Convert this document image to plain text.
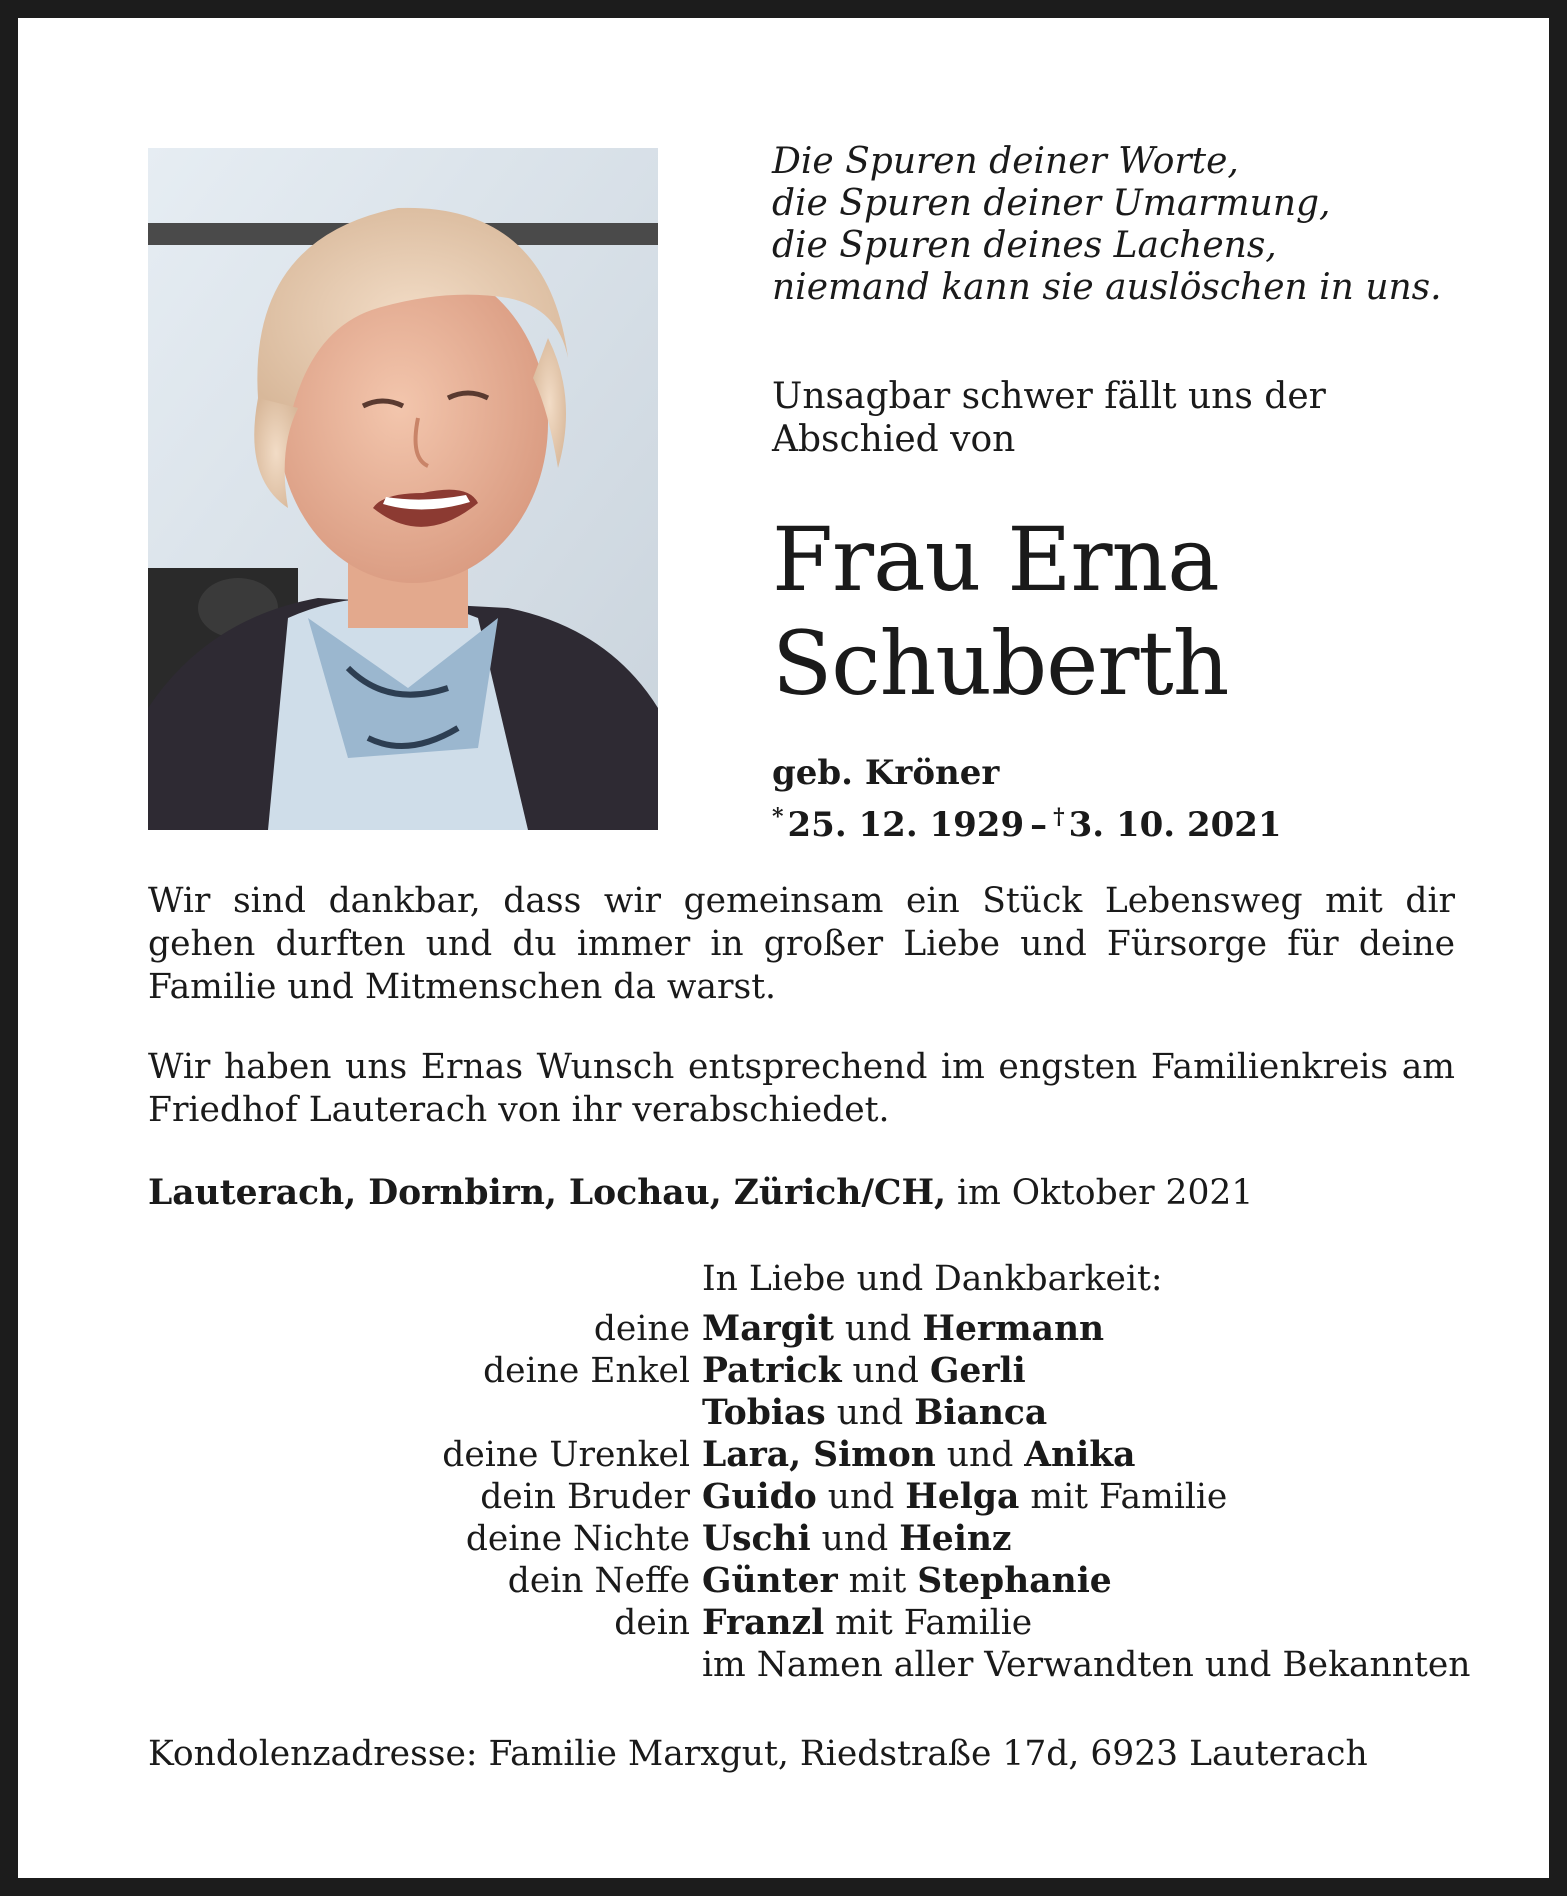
Die Spuren deiner Worte,
die Spuren deiner Umarmung,
die Spuren deines Lachens,
niemand kann sie auslöschen in uns.

Unsagbar schwer fällt uns der Abschied von

Frau Erna
Schuberth
geb. Kröner
* 25. 12. 1929 – † 3. 10. 2021

Wir sind dankbar, dass wir gemeinsam ein Stück Lebensweg mit dir gehen durften und du immer in großer Liebe und Fürsorge für deine Familie und Mitmenschen da warst.

Wir haben uns Ernas Wunsch entsprechend im engsten Familienkreis am Friedhof Lauterach von ihr verabschiedet.

Lauterach, Dornbirn, Lochau, Zürich/CH, im Oktober 2021
In Liebe und Dankbarkeit:
deine Margit und Hermann
deine Enkel Patrick und Gerli
Tobias und Bianca
deine Urenkel Lara, Simon und Anika
dein Bruder Guido und Helga mit Familie
deine Nichte Uschi und Heinz
dein Neffe Günter mit Stephanie
dein Franzl mit Familie
im Namen aller Verwandten und Bekannten
Kondolenzadresse: Familie Marxgut, Riedstraße 17d, 6923 Lauterach
